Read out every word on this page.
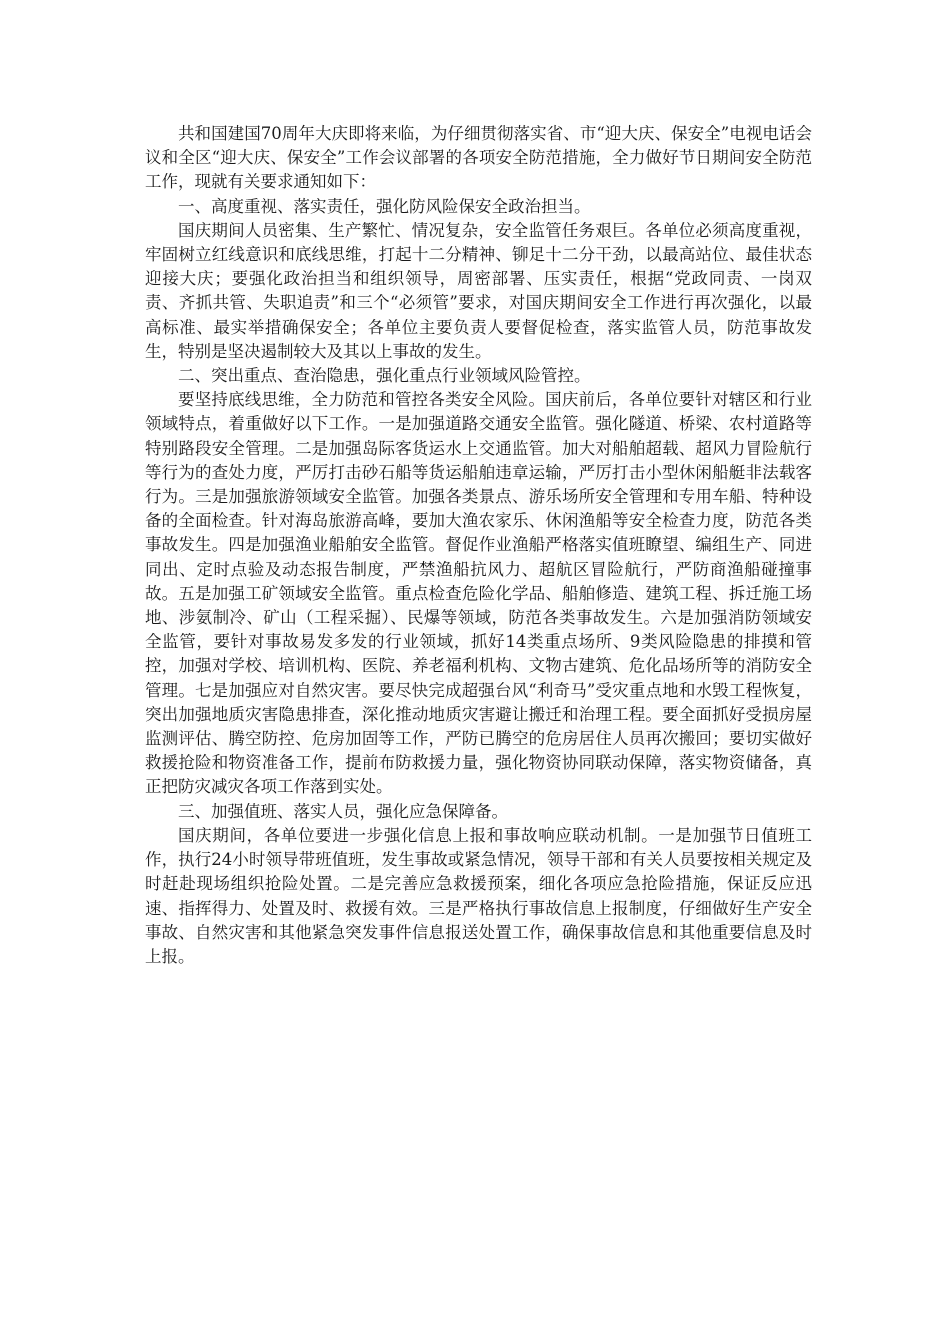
共和国建国70周年大庆即将来临，为仔细贯彻落实省、市“迎大庆、保安全”电视电话会议和全区“迎大庆、保安全”工作会议部署的各项安全防范措施，全力做好节日期间安全防范工作，现就有关要求通知如下：

一、高度重视、落实责任，强化防风险保安全政治担当。

国庆期间人员密集、生产繁忙、情况复杂，安全监管任务艰巨。各单位必须高度重视，牢固树立红线意识和底线思维，打起十二分精神、铆足十二分干劲，以最高站位、最佳状态迎接大庆；要强化政治担当和组织领导，周密部署、压实责任，根据“党政同责、一岗双责、齐抓共管、失职追责”和三个“必须管”要求，对国庆期间安全工作进行再次强化，以最高标准、最实举措确保安全；各单位主要负责人要督促检查，落实监管人员，防范事故发生，特别是坚决遏制较大及其以上事故的发生。

二、突出重点、查治隐患，强化重点行业领域风险管控。

要坚持底线思维，全力防范和管控各类安全风险。国庆前后，各单位要针对辖区和行业领域特点，着重做好以下工作。一是加强道路交通安全监管。强化隧道、桥梁、农村道路等特别路段安全管理。二是加强岛际客货运水上交通监管。加大对船舶超载、超风力冒险航行等行为的查处力度，严厉打击砂石船等货运船舶违章运输，严厉打击小型休闲船艇非法载客行为。三是加强旅游领域安全监管。加强各类景点、游乐场所安全管理和专用车船、特种设备的全面检查。针对海岛旅游高峰，要加大渔农家乐、休闲渔船等安全检查力度，防范各类事故发生。四是加强渔业船舶安全监管。督促作业渔船严格落实值班瞭望、编组生产、同进同出、定时点验及动态报告制度，严禁渔船抗风力、超航区冒险航行，严防商渔船碰撞事故。五是加强工矿领域安全监管。重点检查危险化学品、船舶修造、建筑工程、拆迁施工场地、涉氨制冷、矿山（工程采掘）、民爆等领域，防范各类事故发生。六是加强消防领域安全监管，要针对事故易发多发的行业领域，抓好14类重点场所、9类风险隐患的排摸和管控，加强对学校、培训机构、医院、养老福利机构、文物古建筑、危化品场所等的消防安全管理。七是加强应对自然灾害。要尽快完成超强台风“利奇马”受灾重点地和水毁工程恢复，突出加强地质灾害隐患排查，深化推动地质灾害避让搬迁和治理工程。要全面抓好受损房屋监测评估、腾空防控、危房加固等工作，严防已腾空的危房居住人员再次搬回；要切实做好救援抢险和物资准备工作，提前布防救援力量，强化物资协同联动保障，落实物资储备，真正把防灾减灾各项工作落到实处。

三、加强值班、落实人员，强化应急保障备。

国庆期间，各单位要进一步强化信息上报和事故响应联动机制。一是加强节日值班工作，执行24小时领导带班值班，发生事故或紧急情况，领导干部和有关人员要按相关规定及时赶赴现场组织抢险处置。二是完善应急救援预案，细化各项应急抢险措施，保证反应迅速、指挥得力、处置及时、救援有效。三是严格执行事故信息上报制度，仔细做好生产安全事故、自然灾害和其他紧急突发事件信息报送处置工作，确保事故信息和其他重要信息及时上报。
